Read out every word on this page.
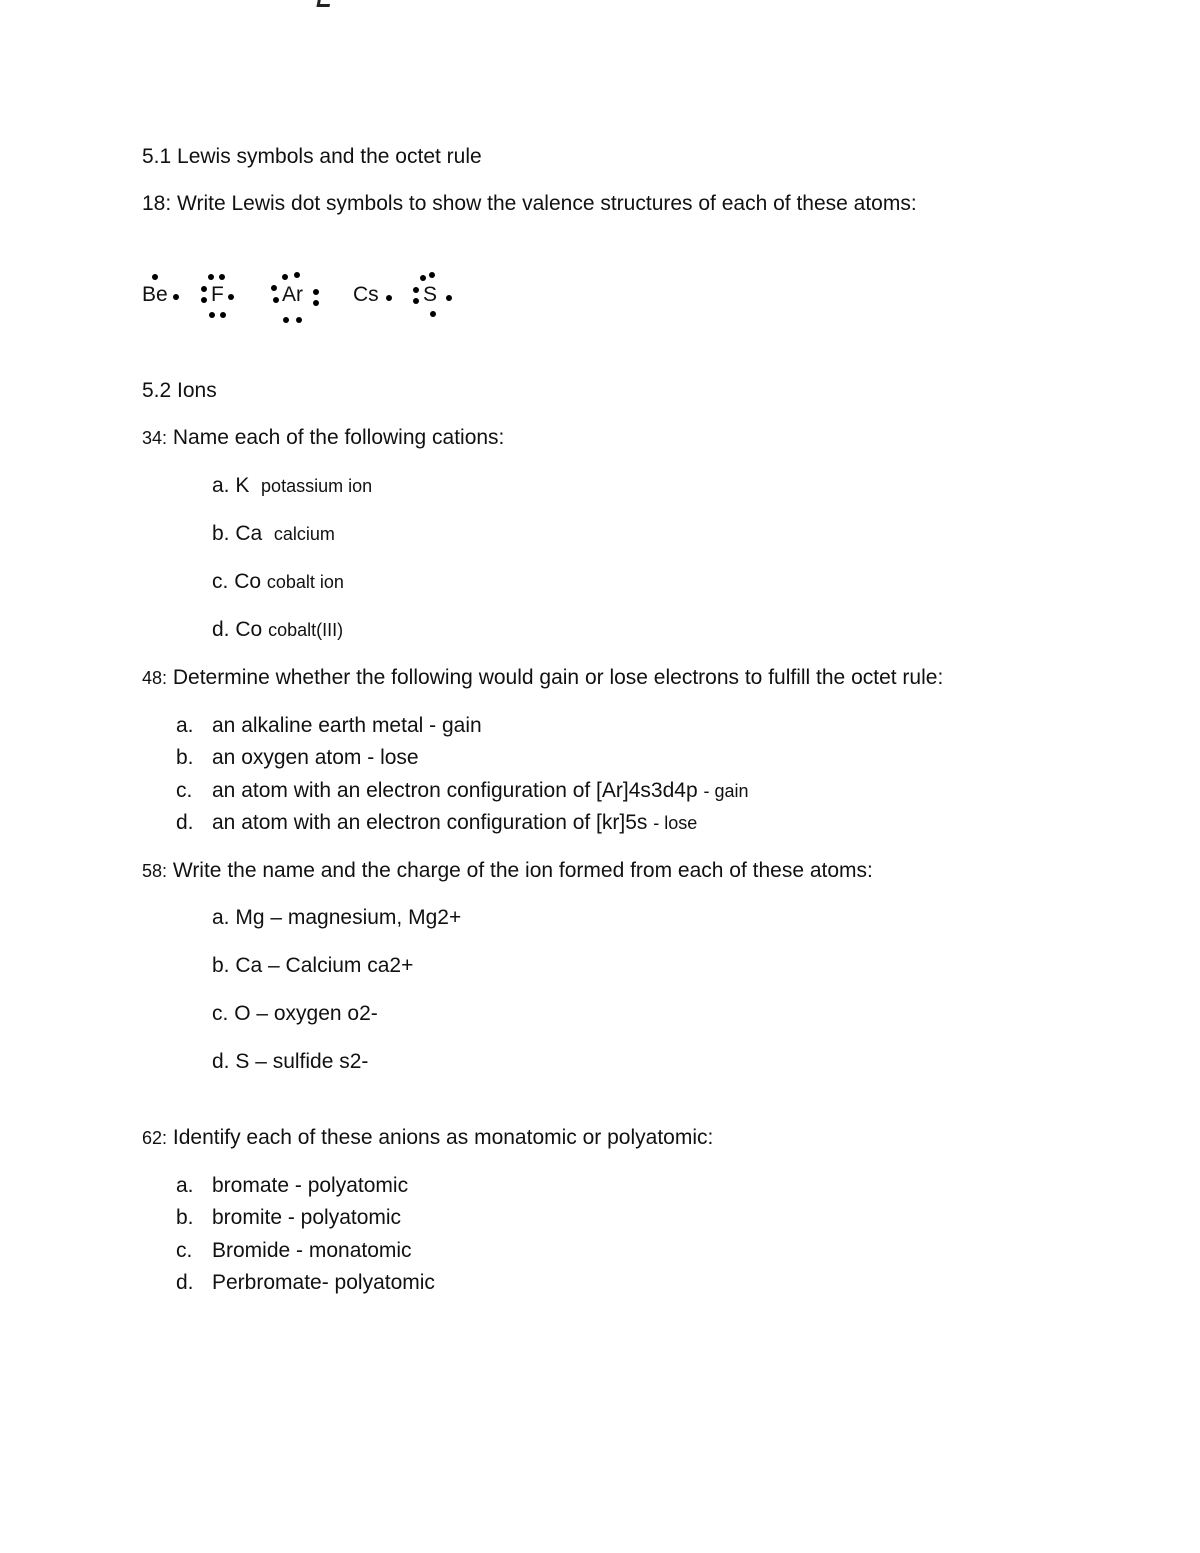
5.1 Lewis symbols and the octet rule
18: Write Lewis dot symbols to show the valence structures of each of these atoms:
Be F	Ar Cs S
5.2 Ions
34: Name each of the following cations:
a. K potassium ion
b. Ca calcium
c. Co cobalt ion
d. Co cobalt(III)
48: Determine whether the following would gain or lose electrons to fulfill the octet rule:
a. an alkaline earth metal - gain
b. an oxygen atom - lose
c. an atom with an electron configuration of [Ar]4s3d4p - gain
d. an atom with an electron configuration of [kr]5s - lose
58: Write the name and the charge of the ion formed from each of these atoms:
a. Mg – magnesium, Mg2+
b. Ca – Calcium ca2+
c. O – oxygen o2-
d. S – sulfide s2-
62: Identify each of these anions as monatomic or polyatomic:
a. bromate - polyatomic
b. bromite - polyatomic
c. Bromide - monatomic
d. Perbromate- polyatomic
